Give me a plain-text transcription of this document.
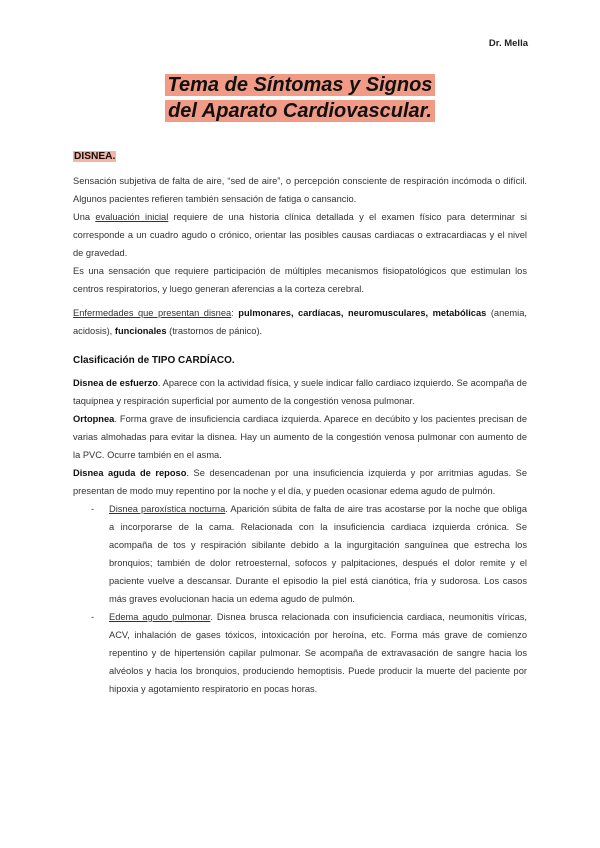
Dr. Mella
Tema de Síntomas y Signos
del Aparato Cardiovascular.
DISNEA.

Sensación subjetiva de falta de aire, “sed de aire”, o percepción consciente de respiración incómoda o difícil. Algunos pacientes refieren también sensación de fatiga o cansancio.

Una evaluación inicial requiere de una historia clínica detallada y el examen físico para determinar si corresponde a un cuadro agudo o crónico, orientar las posibles causas cardiacas o extracardiacas y el nivel de gravedad.

Es una sensación que requiere participación de múltiples mecanismos fisiopatológicos que estimulan los centros respiratorios, y luego generan aferencias a la corteza cerebral.

Enfermedades que presentan disnea: pulmonares, cardíacas, neuromusculares, metabólicas (anemia, acidosis), funcionales (trastornos de pánico).

Clasificación de TIPO CARDÍACO.

Disnea de esfuerzo. Aparece con la actividad física, y suele indicar fallo cardiaco izquierdo. Se acompaña de taquipnea y respiración superficial por aumento de la congestión venosa pulmonar.

Ortopnea. Forma grave de insuficiencia cardiaca izquierda. Aparece en decúbito y los pacientes precisan de varias almohadas para evitar la disnea. Hay un aumento de la congestión venosa pulmonar con aumento de la PVC. Ocurre también en el asma.

Disnea aguda de reposo. Se desencadenan por una insuficiencia izquierda y por arritmias agudas. Se presentan de modo muy repentino por la noche y el día, y pueden ocasionar edema agudo de pulmón.

- Disnea paroxística nocturna. Aparición súbita de falta de aire tras acostarse por la noche que obliga a incorporarse de la cama. Relacionada con la insuficiencia cardiaca izquierda crónica. Se acompaña de tos y respiración sibilante debido a la ingurgitación sanguínea que estrecha los bronquios; también de dolor retroesternal, sofocos y palpitaciones, después el dolor remite y el paciente vuelve a descansar. Durante el episodio la piel está cianótica, fría y sudorosa. Los casos más graves evolucionan hacia un edema agudo de pulmón.
- Edema agudo pulmonar. Disnea brusca relacionada con insuficiencia cardiaca, neumonitis víricas, ACV, inhalación de gases tóxicos, intoxicación por heroína, etc. Forma más grave de comienzo repentino y de hipertensión capilar pulmonar. Se acompaña de extravasación de sangre hacia los alvéolos y hacia los bronquios, produciendo hemoptisis. Puede producir la muerte del paciente por hipoxia y agotamiento respiratorio en pocas horas.
